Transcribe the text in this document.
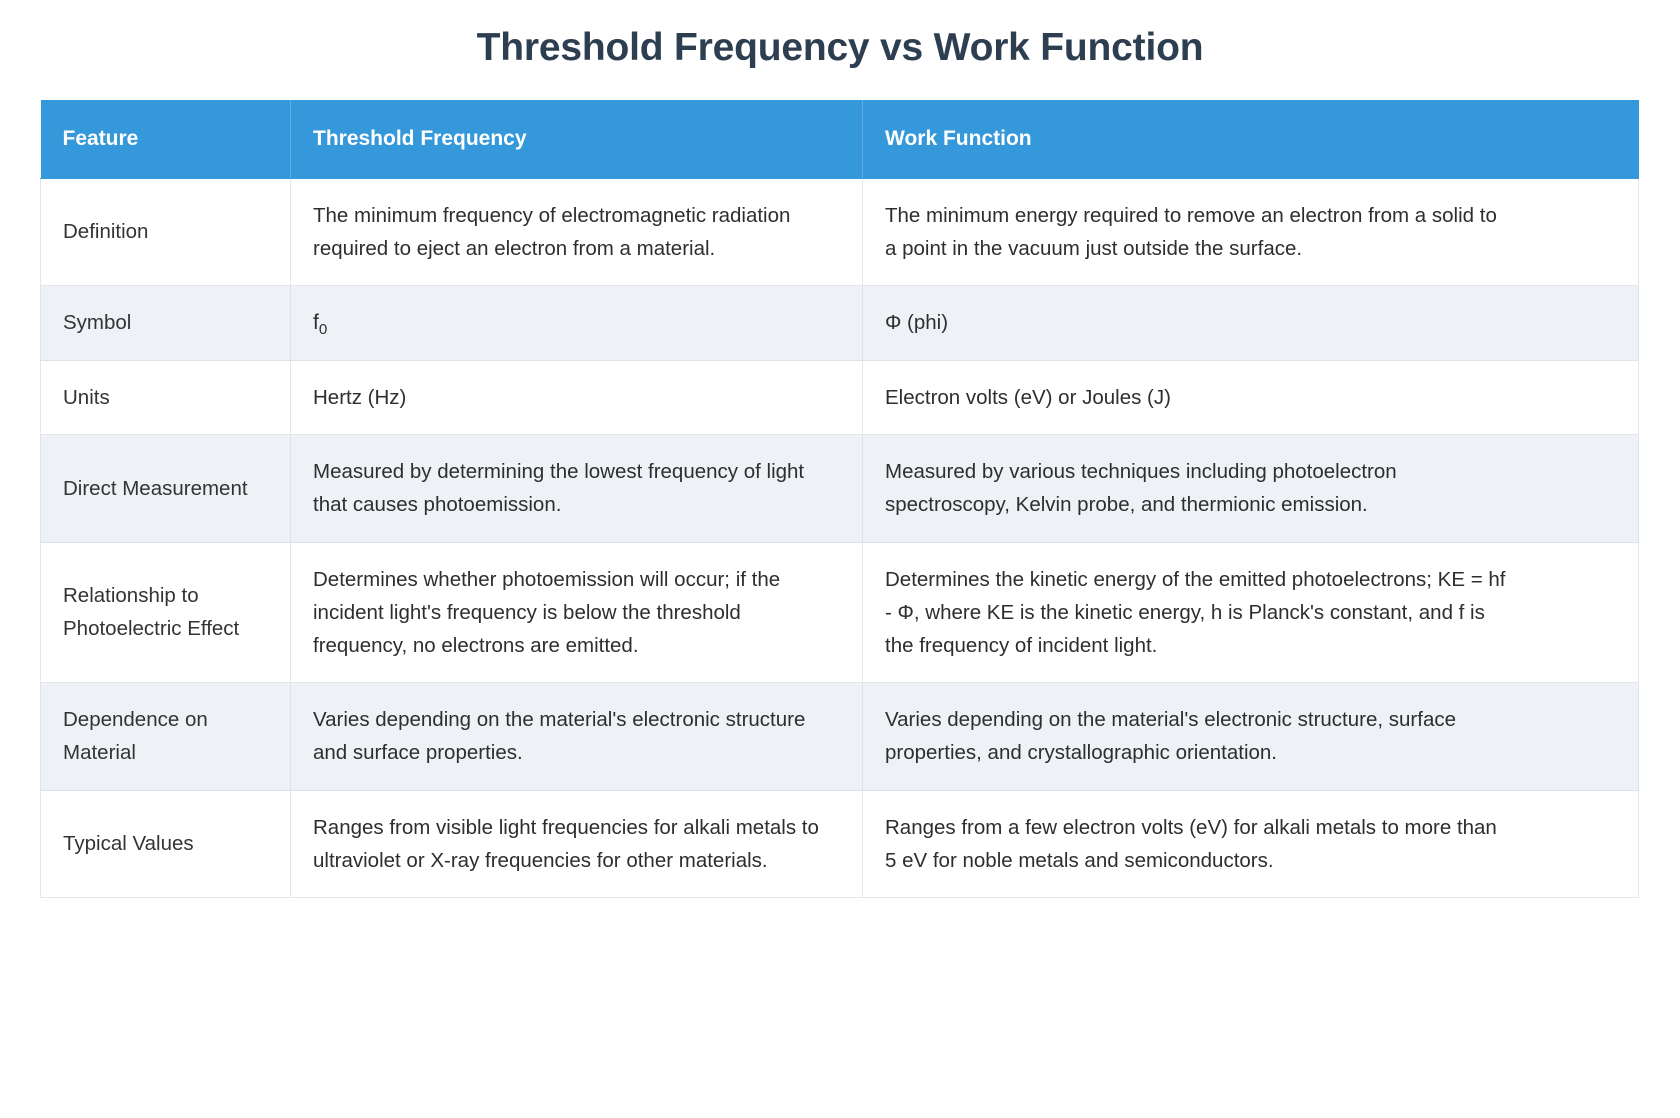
Threshold Frequency vs Work Function
Feature	Threshold Frequency	Work Function
Definition	The minimum frequency of electromagnetic radiation required to eject an electron from a material.	The minimum energy required to remove an electron from a solid to a point in the vacuum just outside the surface.

Symbol	$f_0$	Φ (phi)

Units	Hertz (Hz)	Electron volts (eV) or Joules (J)

Direct Measurement	Measured by determining the lowest frequency of light that causes photoemission.	Measured by various techniques including photoelectron spectroscopy, Kelvin probe, and thermionic emission.

Relationship to Photoelectric Effect	Determines whether photoemission will occur; if the incident light's frequency is below the threshold frequency, no electrons are emitted.	Determines the kinetic energy of the emitted photoelectrons; KE = hf - Φ, where KE is the kinetic energy, h is Planck's constant, and f is the frequency of incident light.

Dependence on Material	Varies depending on the material's electronic structure and surface properties.	Varies depending on the material's electronic structure, surface properties, and crystallographic orientation.

Typical Values	Ranges from visible light frequencies for alkali metals to ultraviolet or X-ray frequencies for other materials.	Ranges from a few electron volts (eV) for alkali metals to more than 5 eV for noble metals and semiconductors.
